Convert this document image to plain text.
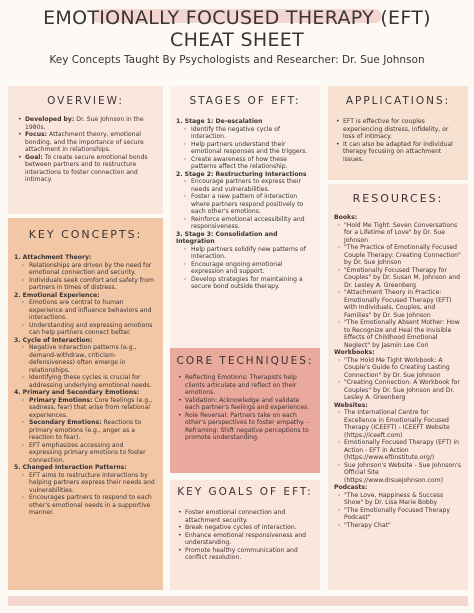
EMOTIONALLY FOCUSED THERAPY (EFT)
CHEAT SHEET
Key Concepts Taught By Psychologists and Researcher: Dr. Sue Johnson
OVERVIEW:
• Developed by: Dr. Sue Johnson in the 1980s.
• Focus: Attachment theory, emotional bonding, and the importance of secure attachment in relationships.
• Goal: To create secure emotional bonds between partners and to restructure interactions to foster connection and intimacy.
STAGES OF EFT:
1. Stage 1: De-escalation
◦ Identify the negative cycle of interaction.
◦ Help partners understand their emotional responses and the triggers.
◦ Create awareness of how these patterns affect the relationship.
2. Stage 2: Restructuring Interactions
◦ Encourage partners to express their needs and vulnerabilities.
◦ Foster a new pattern of interaction where partners respond positively to each other's emotions.
◦ Reinforce emotional accessibility and responsiveness.
3. Stage 3: Consolidation and Integration
◦ Help partners solidify new patterns of interaction.
◦ Encourage ongoing emotional expression and support.
◦ Develop strategies for maintaining a secure bond outside therapy.
APPLICATIONS:
• EFT is effective for couples experiencing distress, infidelity, or loss of intimacy.
• It can also be adapted for individual therapy focusing on attachment issues.
KEY CONCEPTS:
1. Attachment Theory:
◦ Relationships are driven by the need for emotional connection and security.
◦ Individuals seek comfort and safety from partners in times of distress.
2. Emotional Experience:
◦ Emotions are central to human experience and influence behaviors and interactions.
◦ Understanding and expressing emotions can help partners connect better.
3. Cycle of Interaction:
◦ Negative interaction patterns (e.g., demand-withdraw, criticism-defensiveness) often emerge in relationships.
◦ Identifying these cycles is crucial for addressing underlying emotional needs.
4. Primary and Secondary Emotions:
◦ Primary Emotions: Core feelings (e.g., sadness, fear) that arise from relational experiences.
◦ Secondary Emotions: Reactions to primary emotions (e.g., anger as a reaction to fear).
◦ EFT emphasizes accessing and expressing primary emotions to foster connection.
5. Changed Interaction Patterns:
◦ EFT aims to restructure interactions by helping partners express their needs and vulnerabilities.
◦ Encourages partners to respond to each other's emotional needs in a supportive manner.
CORE TECHNIQUES:
• Reflecting Emotions: Therapists help clients articulate and reflect on their emotions.
• Validation: Acknowledge and validate each partner's feelings and experiences.
• Role Reversal: Partners take on each other's perspectives to foster empathy. - Reframing: Shift negative perceptions to promote understanding.
KEY GOALS OF EFT:
• Foster emotional connection and attachment security.
• Break negative cycles of interaction.
• Enhance emotional responsiveness and understanding.
• Promote healthy communication and conflict resolution.
RESOURCES:
Books:
◦ "Hold Me Tight: Seven Conversations for a Lifetime of Love" by Dr. Sue Johnson
◦ "The Practice of Emotionally Focused Couple Therapy: Creating Connection" by Dr. Sue Johnson
◦ "Emotionally Focused Therapy for Couples" by Dr. Susan M. Johnson and Dr. Lesley A. Greenberg
◦ "Attachment Theory in Practice: Emotionally Focused Therapy (EFT) with Individuals, Couples, and Families" by Dr. Sue Johnson
◦ "The Emotionally Absent Mother: How to Recognize and Heal the Invisible Effects of Childhood Emotional Neglect" by Jasmin Lee Cori
Workbooks:
◦ "The Hold Me Tight Workbook: A Couple's Guide to Creating Lasting Connection" by Dr. Sue Johnson
◦ "Creating Connection: A Workbook for Couples" by Dr. Sue Johnson and Dr. Lesley A. Greenberg
Websites:
◦ The International Centre for Excellence in Emotionally Focused Therapy (ICEEFT) - ICEEFT Website (https://iceeft.com)
◦ Emotionally Focused Therapy (EFT) in Action - EFT in Action (https://www.eftinstitute.org/)
◦ Sue Johnson's Website - Sue Johnson's Official Site (https://www.drsuejohnson.com)
Podcasts:
◦ "The Love, Happiness & Success Show" by Dr. Lisa Marie Bobby
◦ "The Emotionally Focused Therapy Podcast"
◦ "Therapy Chat"
